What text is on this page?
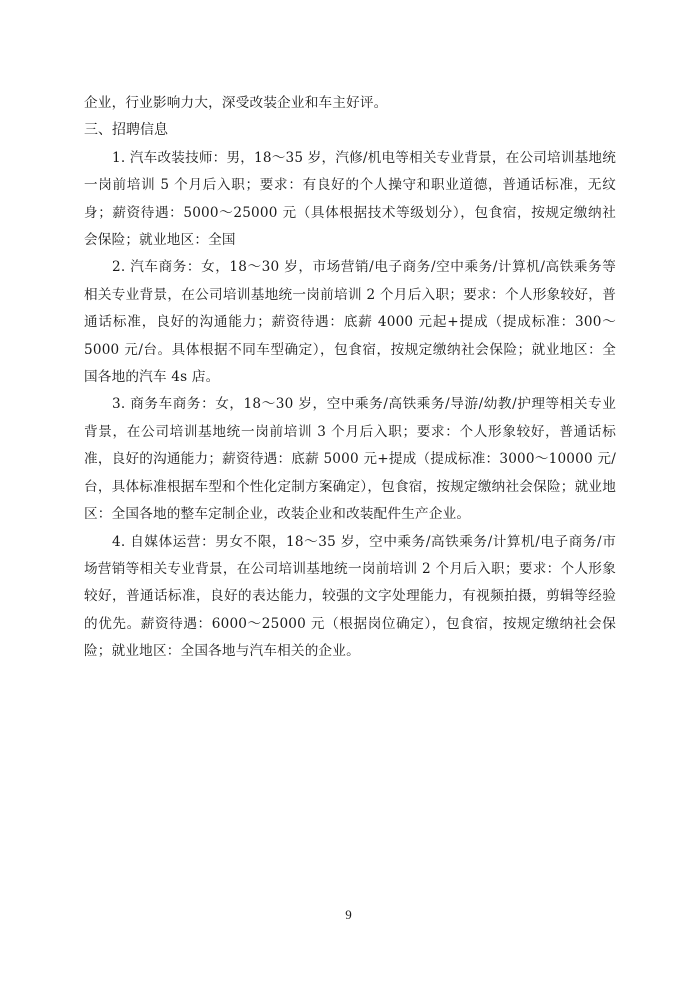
企业，行业影响力大，深受改装企业和车主好评。

三、招聘信息

1. 汽车改装技师：男，18～35 岁，汽修/机电等相关专业背景，在公司培训基地统一岗前培训 5 个月后入职；要求：有良好的个人操守和职业道德，普通话标准，无纹身；薪资待遇：5000～25000 元（具体根据技术等级划分），包食宿，按规定缴纳社会保险；就业地区：全国

2. 汽车商务：女，18～30 岁，市场营销/电子商务/空中乘务/计算机/高铁乘务等相关专业背景，在公司培训基地统一岗前培训 2 个月后入职；要求：个人形象较好，普通话标准，良好的沟通能力；薪资待遇：底薪 4000 元起+提成（提成标准：300～5000 元/台。具体根据不同车型确定），包食宿，按规定缴纳社会保险；就业地区：全国各地的汽车 4s 店。

3. 商务车商务：女，18～30 岁，空中乘务/高铁乘务/导游/幼教/护理等相关专业背景，在公司培训基地统一岗前培训 3 个月后入职；要求：个人形象较好，普通话标准，良好的沟通能力；薪资待遇：底薪 5000 元+提成（提成标准：3000～10000 元/台，具体标准根据车型和个性化定制方案确定），包食宿，按规定缴纳社会保险；就业地区：全国各地的整车定制企业，改装企业和改装配件生产企业。

4. 自媒体运营：男女不限，18～35 岁，空中乘务/高铁乘务/计算机/电子商务/市场营销等相关专业背景，在公司培训基地统一岗前培训 2 个月后入职；要求：个人形象较好，普通话标准，良好的表达能力，较强的文字处理能力，有视频拍摄，剪辑等经验的优先。薪资待遇：6000～25000 元（根据岗位确定），包食宿，按规定缴纳社会保险；就业地区：全国各地与汽车相关的企业。

9
